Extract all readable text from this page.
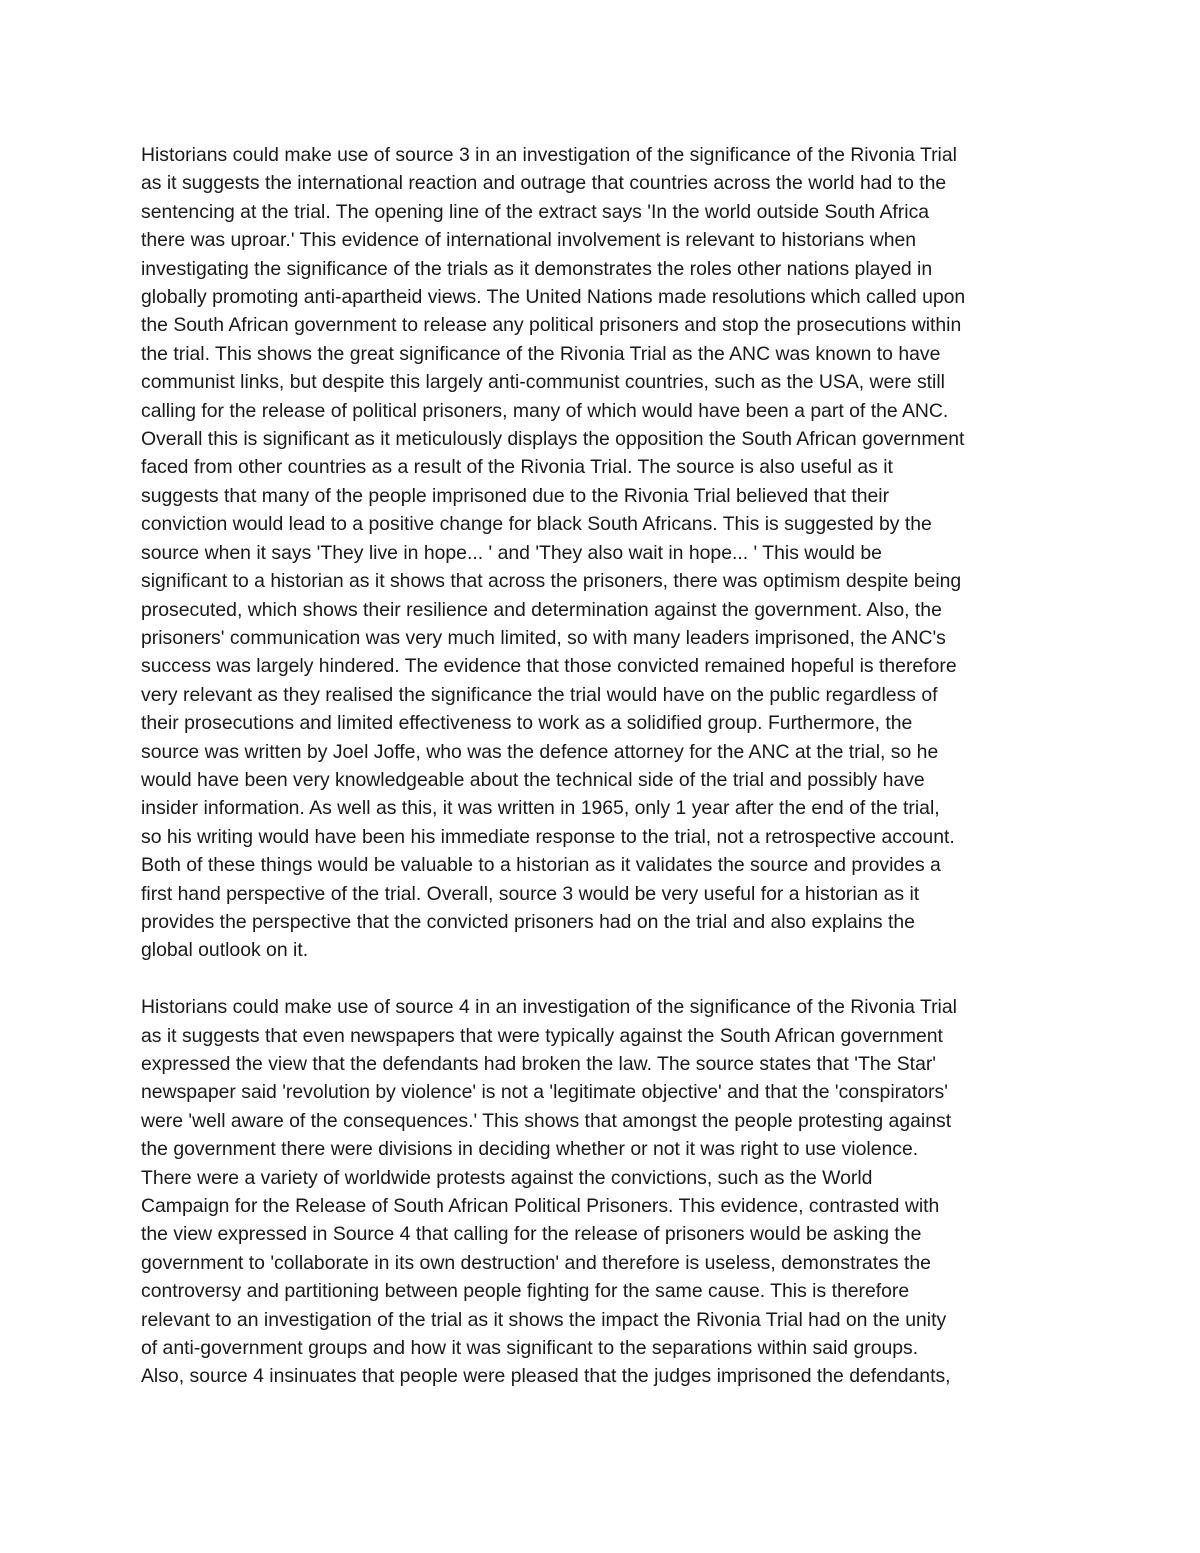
Historians could make use of source 3 in an investigation of the significance of the Rivonia Trial
as it suggests the international reaction and outrage that countries across the world had to the
sentencing at the trial. The opening line of the extract says 'In the world outside South Africa
there was uproar.' This evidence of international involvement is relevant to historians when
investigating the significance of the trials as it demonstrates the roles other nations played in
globally promoting anti-apartheid views. The United Nations made resolutions which called upon
the South African government to release any political prisoners and stop the prosecutions within
the trial. This shows the great significance of the Rivonia Trial as the ANC was known to have
communist links, but despite this largely anti-communist countries, such as the USA, were still
calling for the release of political prisoners, many of which would have been a part of the ANC.
Overall this is significant as it meticulously displays the opposition the South African government
faced from other countries as a result of the Rivonia Trial. The source is also useful as it
suggests that many of the people imprisoned due to the Rivonia Trial believed that their
conviction would lead to a positive change for black South Africans. This is suggested by the
source when it says 'They live in hope... ' and 'They also wait in hope... ' This would be
significant to a historian as it shows that across the prisoners, there was optimism despite being
prosecuted, which shows their resilience and determination against the government. Also, the
prisoners' communication was very much limited, so with many leaders imprisoned, the ANC's
success was largely hindered. The evidence that those convicted remained hopeful is therefore
very relevant as they realised the significance the trial would have on the public regardless of
their prosecutions and limited effectiveness to work as a solidified group. Furthermore, the
source was written by Joel Joffe, who was the defence attorney for the ANC at the trial, so he
would have been very knowledgeable about the technical side of the trial and possibly have
insider information. As well as this, it was written in 1965, only 1 year after the end of the trial,
so his writing would have been his immediate response to the trial, not a retrospective account.
Both of these things would be valuable to a historian as it validates the source and provides a
first hand perspective of the trial. Overall, source 3 would be very useful for a historian as it
provides the perspective that the convicted prisoners had on the trial and also explains the
global outlook on it.

Historians could make use of source 4 in an investigation of the significance of the Rivonia Trial
as it suggests that even newspapers that were typically against the South African government
expressed the view that the defendants had broken the law. The source states that 'The Star'
newspaper said 'revolution by violence' is not a 'legitimate objective' and that the 'conspirators'
were 'well aware of the consequences.' This shows that amongst the people protesting against
the government there were divisions in deciding whether or not it was right to use violence.
There were a variety of worldwide protests against the convictions, such as the World
Campaign for the Release of South African Political Prisoners. This evidence, contrasted with
the view expressed in Source 4 that calling for the release of prisoners would be asking the
government to 'collaborate in its own destruction' and therefore is useless, demonstrates the
controversy and partitioning between people fighting for the same cause. This is therefore
relevant to an investigation of the trial as it shows the impact the Rivonia Trial had on the unity
of anti-government groups and how it was significant to the separations within said groups.
Also, source 4 insinuates that people were pleased that the judges imprisoned the defendants,
